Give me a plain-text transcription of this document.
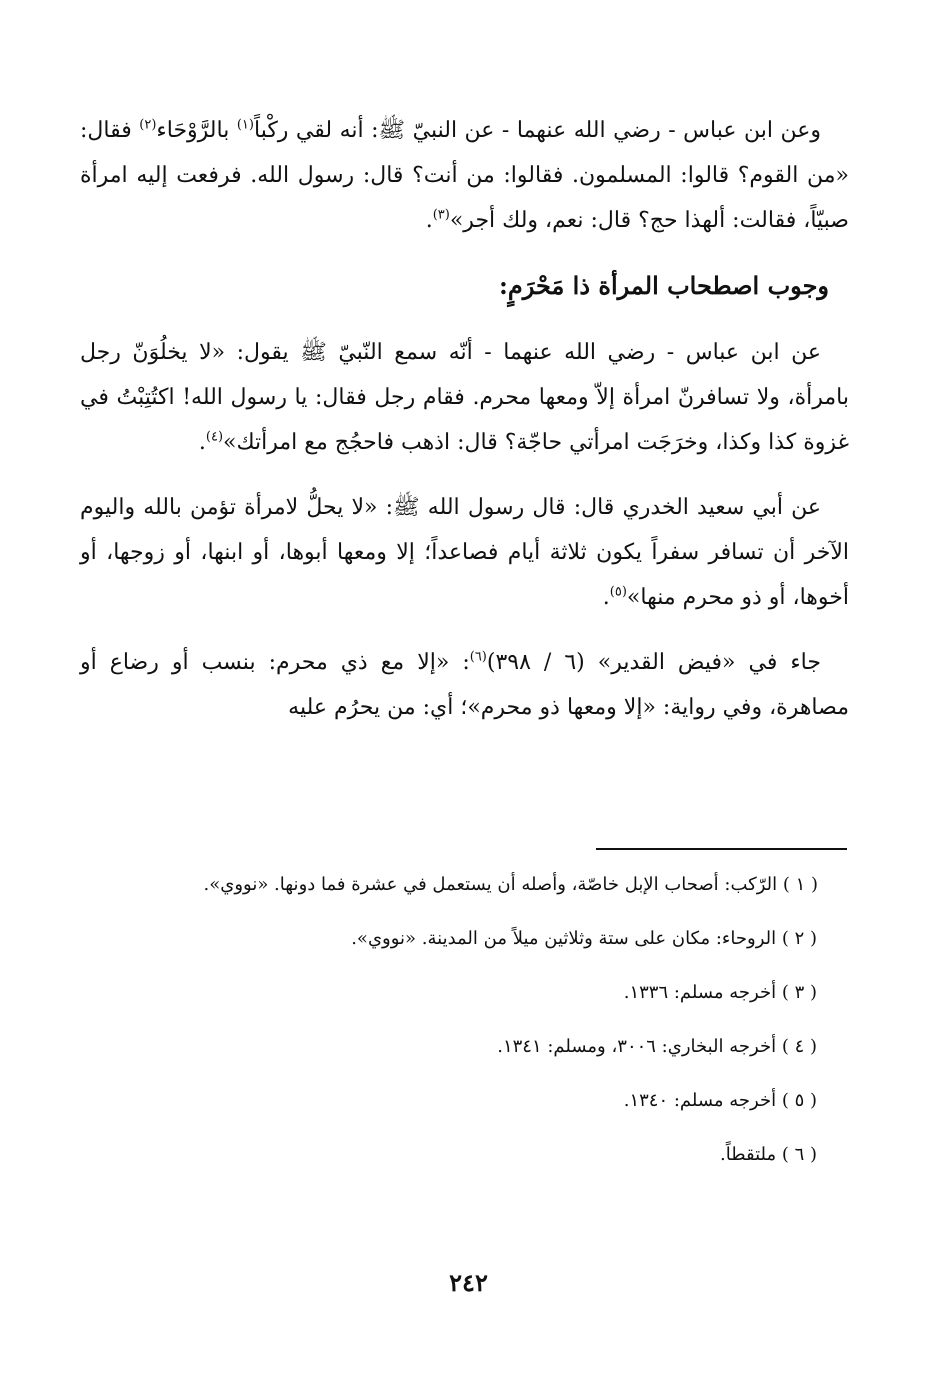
وعن ابن عباس - رضي الله عنهما - عن النبيّ ﷺ: أنه لقي ركْباً$^{(١)}$ بالرَّوْحَاء$^{(٢)}$ فقال: «من القوم؟ قالوا: المسلمون. فقالوا: من أنت؟ قال: رسول الله. فرفعت إليه امرأة صبيّاً، فقالت: ألهذا حج؟ قال: نعم، ولك أجر»$^{(٣)}$.

وجوب اصطحاب المرأة ذا مَحْرَمٍ:

عن ابن عباس - رضي الله عنهما - أنّه سمع النّبيّ ﷺ يقول: «لا يخلُوَنّ رجل بامرأة، ولا تسافرنّ امرأة إلاّ ومعها محرم. فقام رجل فقال: يا رسول الله! اكتُتِبْتُ في غزوة كذا وكذا، وخرَجَت امرأتي حاجّة؟ قال: اذهب فاحجُج مع امرأتك»$^{(٤)}$.

عن أبي سعيد الخدري قال: قال رسول الله ﷺ: «لا يحلُّ لامرأة تؤمن بالله واليوم الآخر أن تسافر سفراً يكون ثلاثة أيام فصاعداً؛ إلا ومعها أبوها، أو ابنها، أو زوجها، أو أخوها، أو ذو محرم منها»$^{(٥)}$.

جاء في «فيض القدير» (٦ / ٣٩٨)$^{(٦)}$: «إلا مع ذي محرم: بنسب أو رضاع أو مصاهرة، وفي رواية: «إلا ومعها ذو محرم»؛ أي: من يحرُم عليه

( ١ ) الرّكب: أصحاب الإبل خاصّة، وأصله أن يستعمل في عشرة فما دونها. «نووي».

( ٢ ) الروحاء: مكان على ستة وثلاثين ميلاً من المدينة. «نووي».

( ٣ ) أخرجه مسلم: ١٣٣٦.

( ٤ ) أخرجه البخاري: ٣٠٠٦، ومسلم: ١٣٤١.

( ٥ ) أخرجه مسلم: ١٣٤٠.

( ٦ ) ملتقطاً.

٢٤٢
